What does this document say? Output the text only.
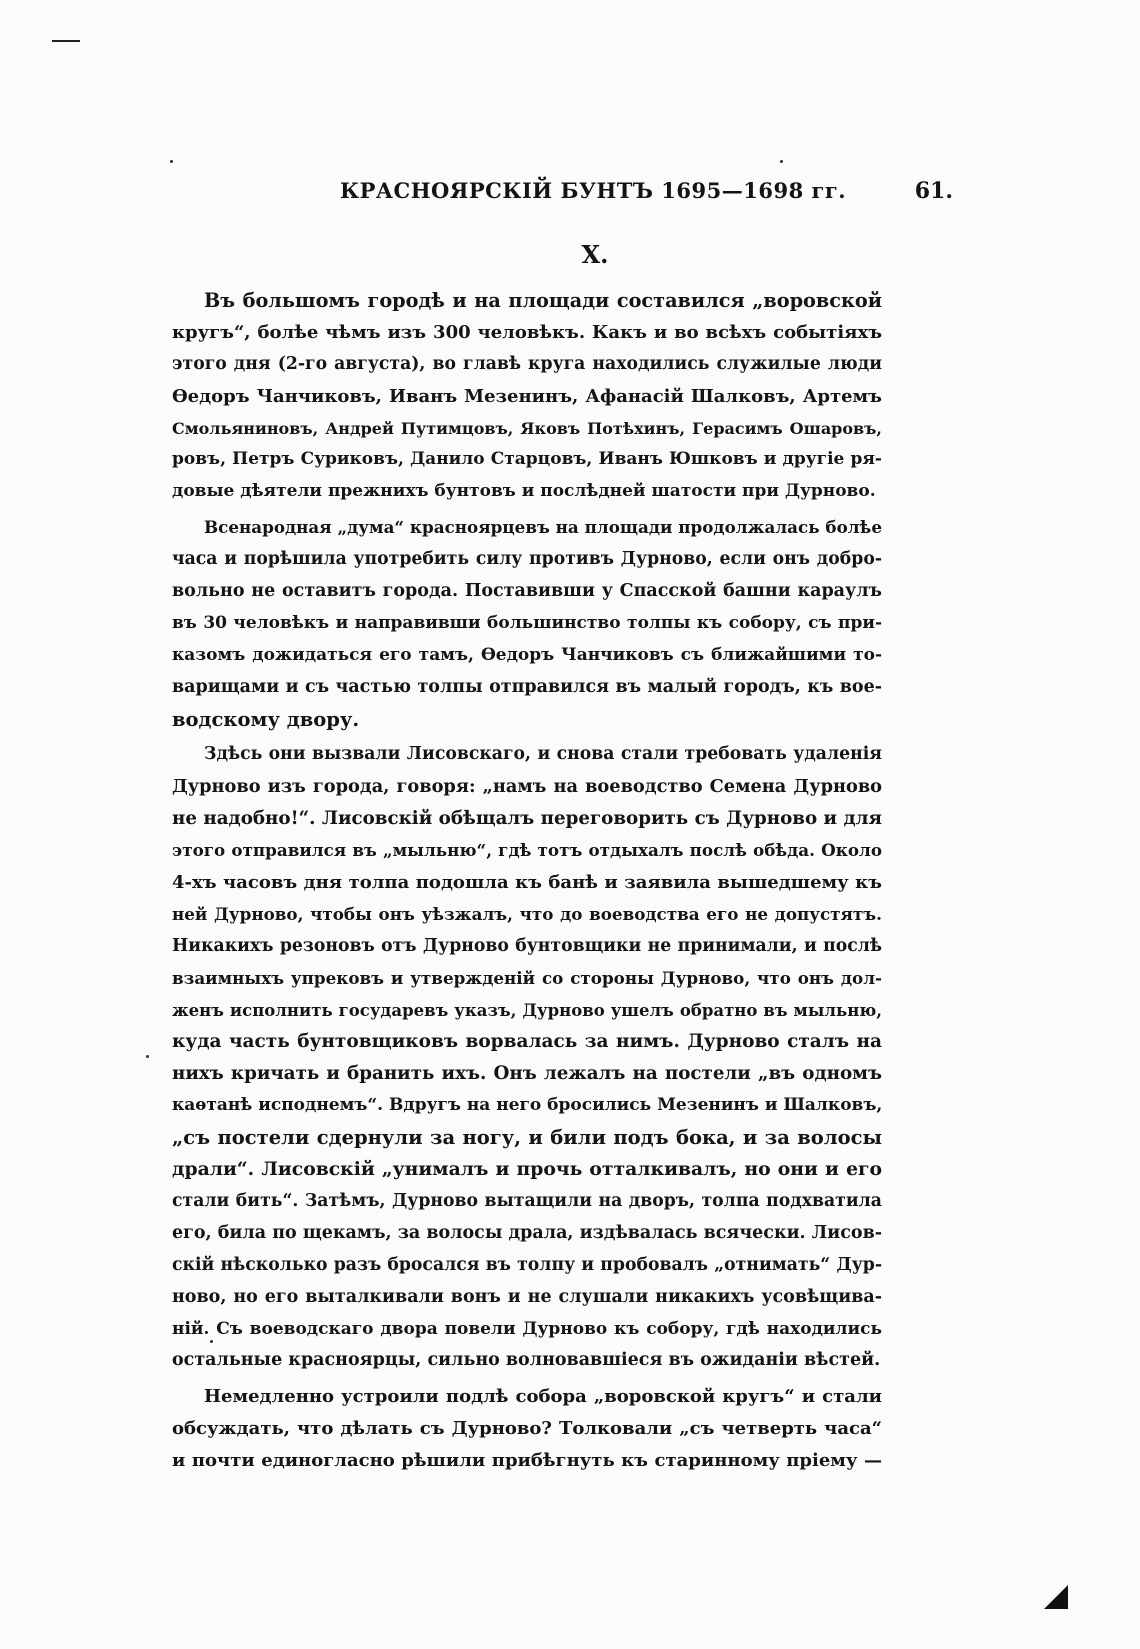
КРАСНОЯРСКІЙ БУНТЪ 1695—1698 гг.	61.
X.
Въ большомъ городѣ и на площади составился „воровской
кругъ“, болѣе чѣмъ изъ 300 человѣкъ. Какъ и во всѣхъ событіяхъ
этого дня (2-го августа), во главѣ круга находились служилые люди
Ѳедоръ Чанчиковъ, Иванъ Мезенинъ, Афанасій Шалковъ, Артемъ
Смольяниновъ, Андрей Путимцовъ, Яковъ Потѣхинъ, Герасимъ Ошаровъ,
ровъ, Петръ Суриковъ, Данило Старцовъ, Иванъ Юшковъ и другіе ря-
довые дѣятели прежнихъ бунтовъ и послѣдней шатости при Дурново.
Всенародная „дума“ красноярцевъ на площади продолжалась болѣе
часа и порѣшила употребить силу противъ Дурново, если онъ добро-
вольно не оставитъ города. Поставивши у Спасской башни караулъ
въ 30 человѣкъ и направивши большинство толпы къ собору, съ при-
казомъ дожидаться его тамъ, Ѳедоръ Чанчиковъ съ ближайшими то-
варищами и съ частью толпы отправился въ малый городъ, къ вое-
водскому двору.
Здѣсь они вызвали Лисовскаго, и снова стали требовать удаленія
Дурново изъ города, говоря: „намъ на воеводство Семена Дурново
не надобно!“. Лисовскій обѣщалъ переговорить съ Дурново и для
этого отправился въ „мыльню“, гдѣ тотъ отдыхалъ послѣ обѣда. Около
4-хъ часовъ дня толпа подошла къ банѣ и заявила вышедшему къ
ней Дурново, чтобы онъ уѣзжалъ, что до воеводства его не допустятъ.
Никакихъ резоновъ отъ Дурново бунтовщики не принимали, и послѣ
взаимныхъ упрековъ и утвержденій со стороны Дурново, что онъ дол-
женъ исполнить государевъ указъ, Дурново ушелъ обратно въ мыльню,
куда часть бунтовщиковъ ворвалась за нимъ. Дурново сталъ на
нихъ кричать и бранить ихъ. Онъ лежалъ на постели „въ одномъ
каѳтанѣ исподнемъ“. Вдругъ на него бросились Мезенинъ и Шалковъ,
„съ постели сдернули за ногу, и били подъ бока, и за волосы
драли“. Лисовскій „унималъ и прочь отталкивалъ, но они и его
стали бить“. Затѣмъ, Дурново вытащили на дворъ, толпа подхватила
его, била по щекамъ, за волосы драла, издѣвалась всячески. Лисов-
скій нѣсколько разъ бросался въ толпу и пробовалъ „отнимать“ Дур-
ново, но его выталкивали вонъ и не слушали никакихъ усовѣщива-
ній. Съ воеводскаго двора повели Дурново къ собору, гдѣ находились
остальные красноярцы, сильно волновавшіеся въ ожиданіи вѣстей.
Немедленно устроили подлѣ собора „воровской кругъ“ и стали
обсуждать, что дѣлать съ Дурново? Толковали „съ четверть часа“
и почти единогласно рѣшили прибѣгнуть къ старинному пріему —
